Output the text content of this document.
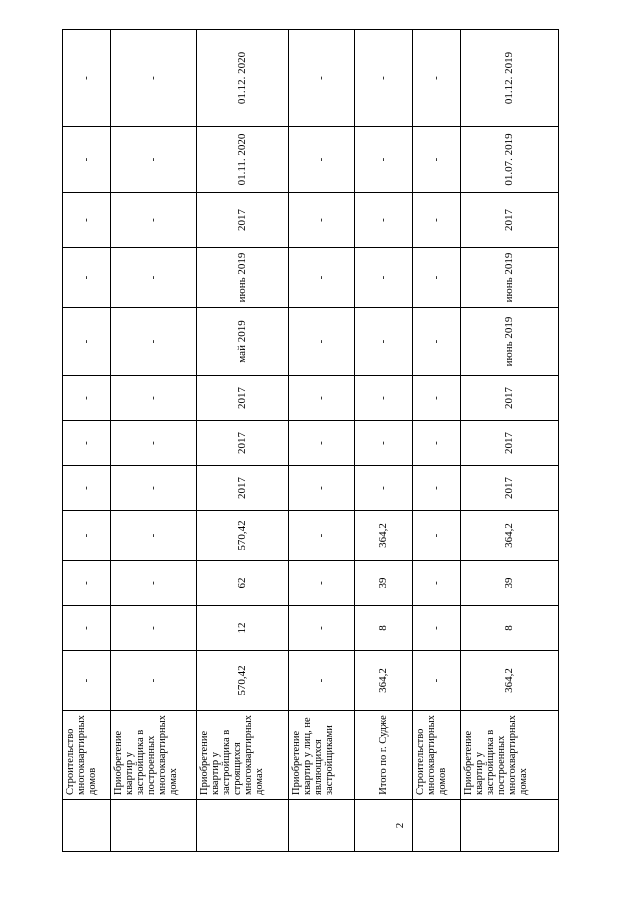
	Строительство многоквартирных домов	-	-	-	-	-	-	-	-	-	-	-	-	
	Приобретение квартир у застройщика в построенных многоквартирных домах	-	-	-	-	-	-	-	-	-	-	-	-	
	Приобретение квартир у застройщика в строящихся многоквартирных домах	570,42	12	62	570,42	2017	2017	2017	май 2019	июнь 2019	2017	01.11. 2020	01.12. 2020	
	Приобретение квартир у лиц, не являющихся застройщиками	-	-	-	-	-	-	-	-	-	-	-	-	
2	Итого по г. Судже	364,2	8	39	364,2	-	-	-	-	-	-	-	-	
	Строительство многоквартирных домов	-	-	-	-	-	-	-	-	-	-	-	-	
	Приобретение квартир у застройщика в построенных многоквартирных домах	364,2	8	39	364,2	2017	2017	2017	июнь 2019	июнь 2019	2017	01.07. 2019	01.12. 2019	
